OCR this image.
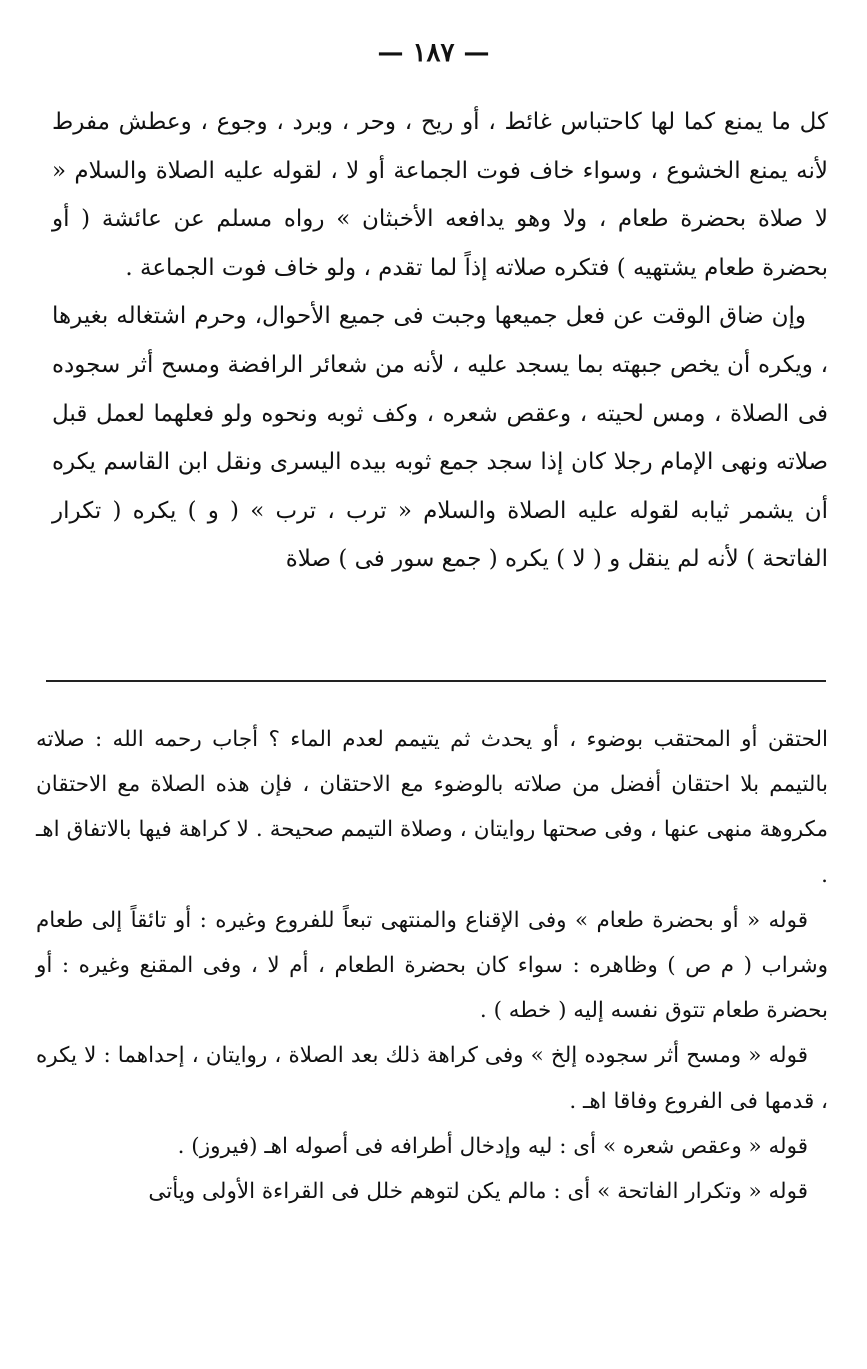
— ١٨٧ —

كل ما يمنع كما لها كاحتباس غائط ، أو ريح ، وحر ، وبرد ، وجوع ، وعطش مفرط لأنه يمنع الخشوع ، وسواء خاف فوت الجماعة أو لا ، لقوله عليه الصلاة والسلام « لا صلاة بحضرة طعام ، ولا وهو يدافعه الأخبثان » رواه مسلم عن عائشة ( أو بحضرة طعام يشتهيه ) فتكره صلاته إذاً لما تقدم ، ولو خاف فوت الجماعة .

وإن ضاق الوقت عن فعل جميعها وجبت فى جميع الأحوال، وحرم اشتغاله بغيرها ، ويكره أن يخص جبهته بما يسجد عليه ، لأنه من شعائر الرافضة ومسح أثر سجوده فى الصلاة ، ومس لحيته ، وعقص شعره ، وكف ثوبه ونحوه ولو فعلهما لعمل قبل صلاته ونهى الإمام رجلا كان إذا سجد جمع ثوبه بيده اليسرى ونقل ابن القاسم يكره أن يشمر ثيابه لقوله عليه الصلاة والسلام « ترب ، ترب » ( و ) يكره ( تكرار الفاتحة ) لأنه لم ينقل و ( لا ) يكره ( جمع سور فى ) صلاة

الحتقن أو المحتقب بوضوء ، أو يحدث ثم يتيمم لعدم الماء ؟ أجاب رحمه الله : صلاته بالتيمم بلا احتقان أفضل من صلاته بالوضوء مع الاحتقان ، فإن هذه الصلاة مع الاحتقان مكروهة منهى عنها ، وفى صحتها روايتان ، وصلاة التيمم صحيحة . لا كراهة فيها بالاتفاق اهـ .

قوله « أو بحضرة طعام » وفى الإقناع والمنتهى تبعاً للفروع وغيره : أو تائقاً إلى طعام وشراب ( م ص ) وظاهره : سواء كان بحضرة الطعام ، أم لا ، وفى المقنع وغيره : أو بحضرة طعام تتوق نفسه إليه ( خطه ) .

قوله « ومسح أثر سجوده إلخ » وفى كراهة ذلك بعد الصلاة ، روايتان ، إحداهما : لا يكره ، قدمها فى الفروع وفاقا اهـ .

قوله « وعقص شعره » أى : ليه وإدخال أطرافه فى أصوله اهـ (فيروز) .

قوله « وتكرار الفاتحة » أى : مالم يكن لتوهم خلل فى القراءة الأولى ويأتى
